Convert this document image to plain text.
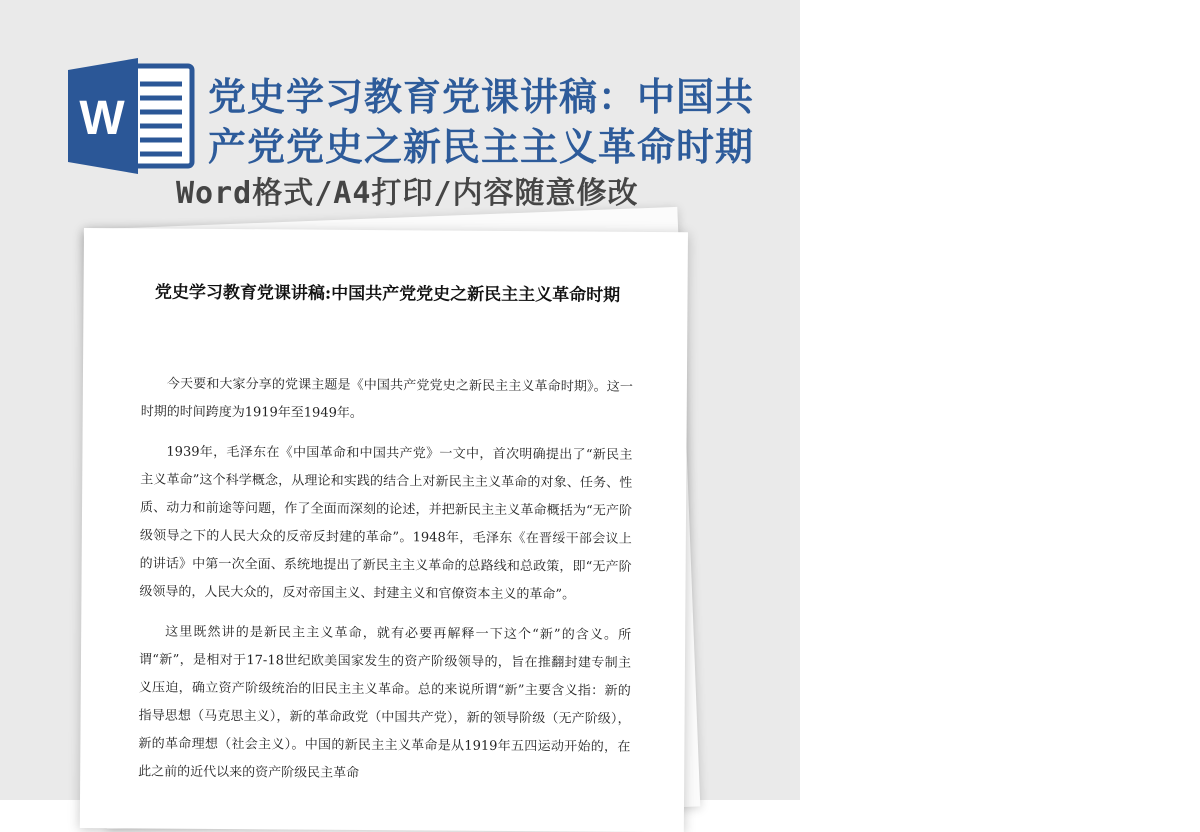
W 党史学习教育党课讲稿：中国共产党党史之新民主主义革命时期
Word格式/A4打印/内容随意修改
党史学习教育党课讲稿:中国共产党党史之新民主主义革命时期

今天要和大家分享的党课主题是《中国共产党党史之新民主主义革命时期》。这一时期的时间跨度为1919年至1949年。

1939年，毛泽东在《中国革命和中国共产党》一文中，首次明确提出了“新民主主义革命”这个科学概念，从理论和实践的结合上对新民主主义革命的对象、任务、性质、动力和前途等问题，作了全面而深刻的论述，并把新民主主义革命概括为“无产阶级领导之下的人民大众的反帝反封建的革命”。1948年，毛泽东《在晋绥干部会议上的讲话》中第一次全面、系统地提出了新民主主义革命的总路线和总政策，即“无产阶级领导的，人民大众的，反对帝国主义、封建主义和官僚资本主义的革命”。

这里既然讲的是新民主主义革命，就有必要再解释一下这个“新”的含义。所谓“新”，是相对于17-18世纪欧美国家发生的资产阶级领导的，旨在推翻封建专制主义压迫，确立资产阶级统治的旧民主主义革命。总的来说所谓“新”主要含义指：新的指导思想（马克思主义），新的革命政党（中国共产党），新的领导阶级（无产阶级），新的革命理想（社会主义）。中国的新民主主义革命是从1919年五四运动开始的，在此之前的近代以来的资产阶级民主革命
